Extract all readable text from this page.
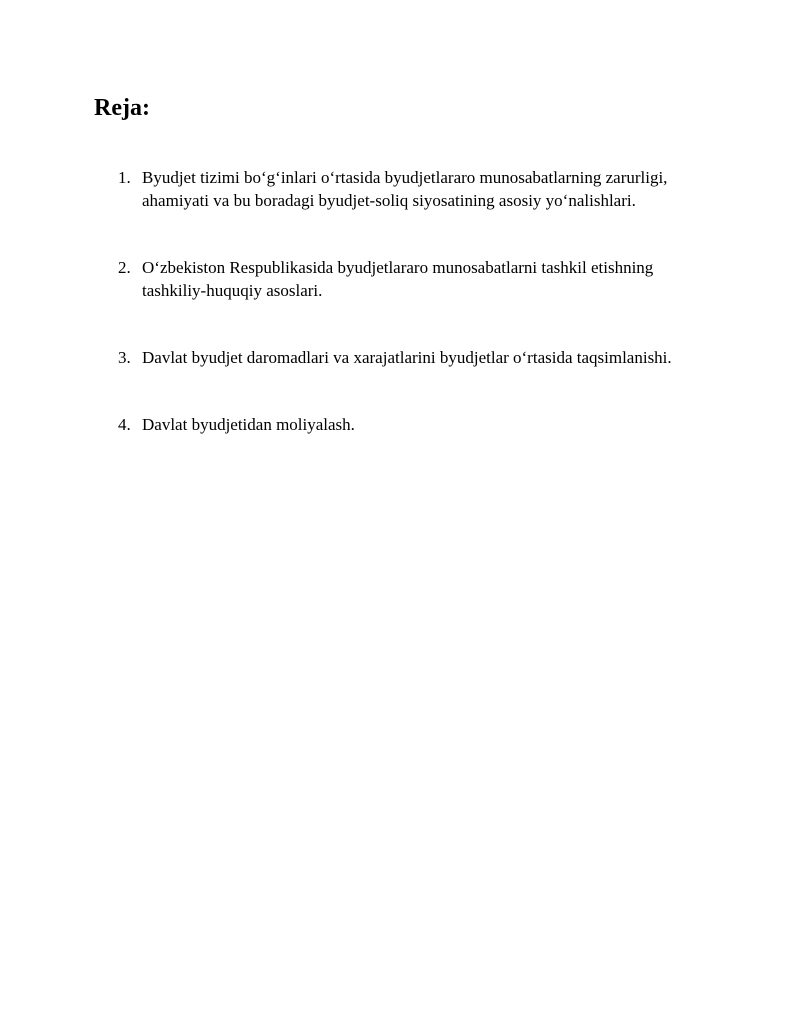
Reja:
1. Byudjet tizimi bo‘g‘inlari o‘rtasida byudjetlararo munosabatlarning zarurligi, ahamiyati va bu boradagi byudjet-soliq siyosatining asosiy yo‘nalishlari.
2. O‘zbekiston Respublikasida byudjetlararo munosabatlarni tashkil etishning tashkiliy-huquqiy asoslari.
3. Davlat byudjet daromadlari va xarajatlarini byudjetlar o‘rtasida taqsimlanishi.
4. Davlat byudjetidan moliyalash.
